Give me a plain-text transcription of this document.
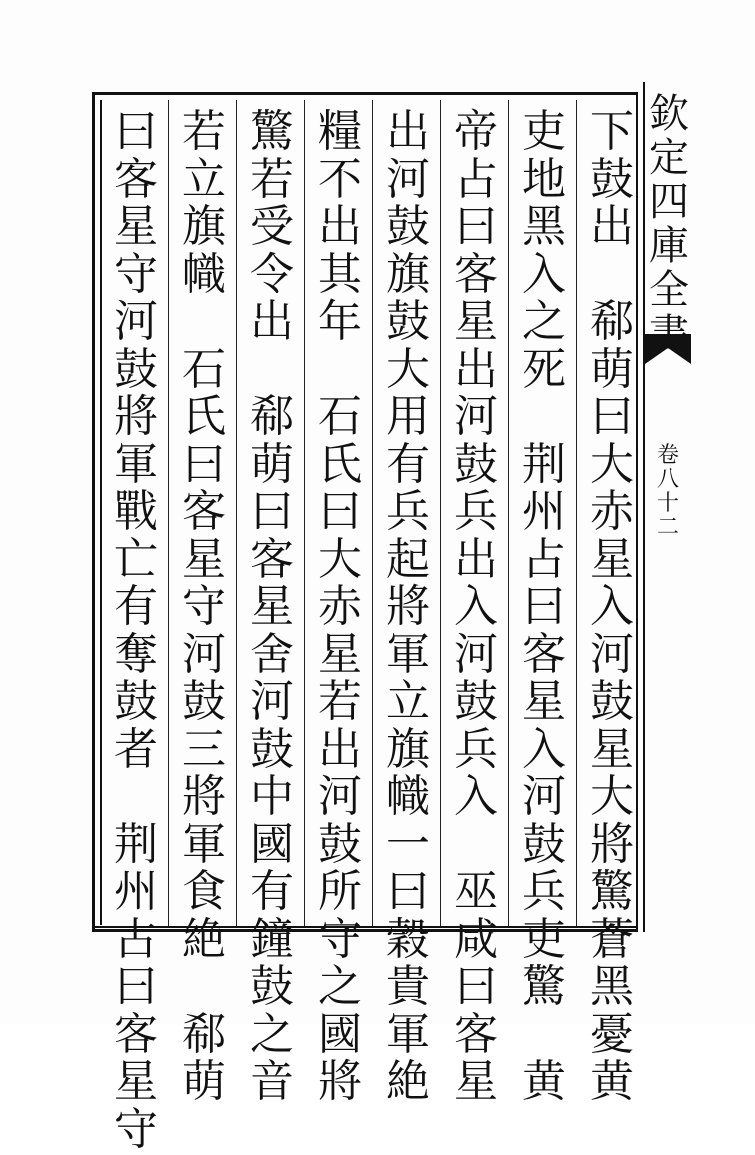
欽
定
四
庫
全
卷
八
十
二
下
鼓
出

郗
萌
曰
大
赤
星
入
河
鼓
星
大
將
驚
蒼
黑
憂
黄
吏
地
黑
入
之
死

荆
州
占
曰
客
星
入
河
鼓
兵
吏
驚

黄
帝
占
曰
客
星
出
河
鼓
兵
出
入
河
鼓
兵
入

巫
咸
曰
客
星
出
河
鼓
旗
鼓
大
用
有
兵
起
將
軍
立
旗
幟
一
曰
穀
貴
軍
絶
糧
不
出
其
年

石
氏
曰
大
赤
星
若
出
河
鼓
所
守
之
國
將
驚
若
受
令
出

郗
萌
曰
客
星
舍
河
鼓
中
國
有
鐘
鼓
之
音
若
立
旗
幟

石
氏
曰
客
星
守
河
鼓
三
將
軍
食
絶

郗
萌
曰
客
星
守
河
鼓
將
軍
戰
亡
有
奪
鼓
者

荆
州
占
曰
客
星
守
